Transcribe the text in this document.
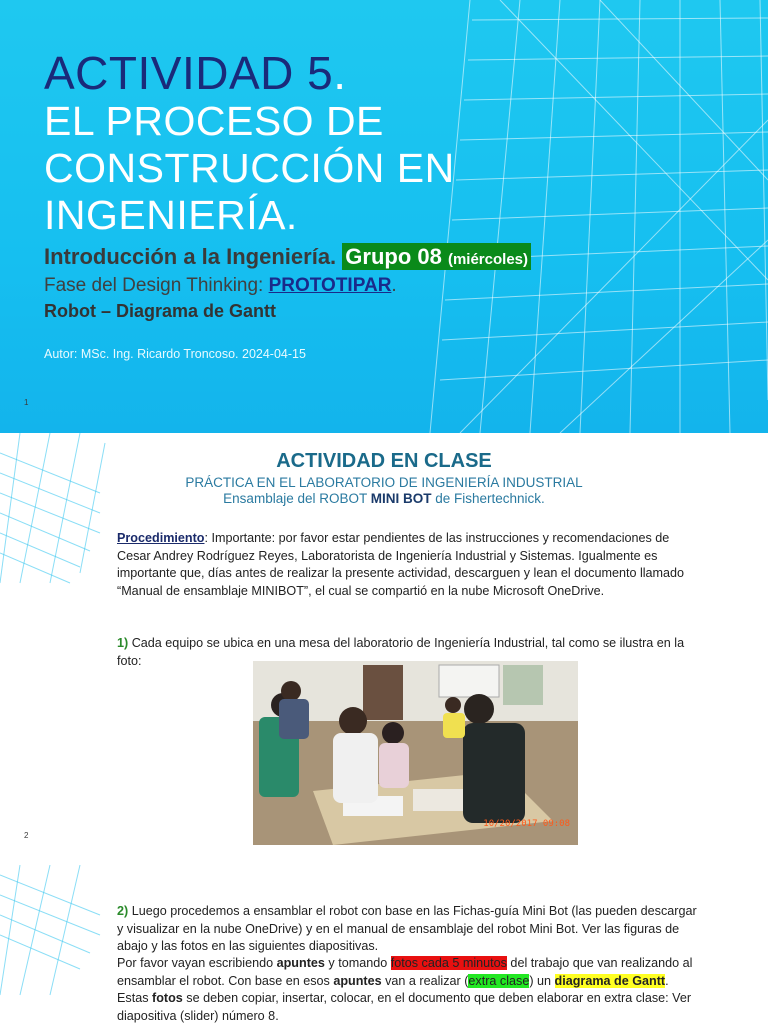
ACTIVIDAD 5.
EL PROCESO DE CONSTRUCCIÓN EN INGENIERÍA.
Introducción a la Ingeniería. Grupo 08 (miércoles)
Fase del Design Thinking: PROTOTIPAR.
Robot – Diagrama de Gantt
Autor: MSc. Ing. Ricardo Troncoso. 2024-04-15
1
ACTIVIDAD EN CLASE
PRÁCTICA EN EL LABORATORIO DE INGENIERÍA INDUSTRIAL
Ensamblaje del ROBOT MINI BOT de Fishertechnick.
Procedimiento: Importante: por favor estar pendientes de las instrucciones y recomendaciones de Cesar Andrey Rodríguez Reyes, Laboratorista de Ingeniería Industrial y Sistemas. Igualmente es importante que, días antes de realizar la presente actividad, descarguen y lean el documento llamado “Manual de ensamblaje MINIBOT”, el cual se compartió en la nube Microsoft OneDrive.
1) Cada equipo se ubica en una mesa del laboratorio de Ingeniería Industrial, tal como se ilustra en la foto:
10/20/2017 09:08
2
2) Luego procedemos a ensamblar el robot con base en las Fichas-guía Mini Bot (las pueden descargar y visualizar en la nube OneDrive) y en el manual de ensamblaje del robot Mini Bot. Ver las figuras de abajo y las fotos en las siguientes diapositivas.
Por favor vayan escribiendo apuntes y tomando fotos cada 5 minutos del trabajo que van realizando al ensamblar el robot. Con base en esos apuntes van a realizar (extra clase) un diagrama de Gantt. Estas fotos se deben copiar, insertar, colocar, en el documento que deben elaborar en extra clase: Ver diapositiva (slider) número 8.
